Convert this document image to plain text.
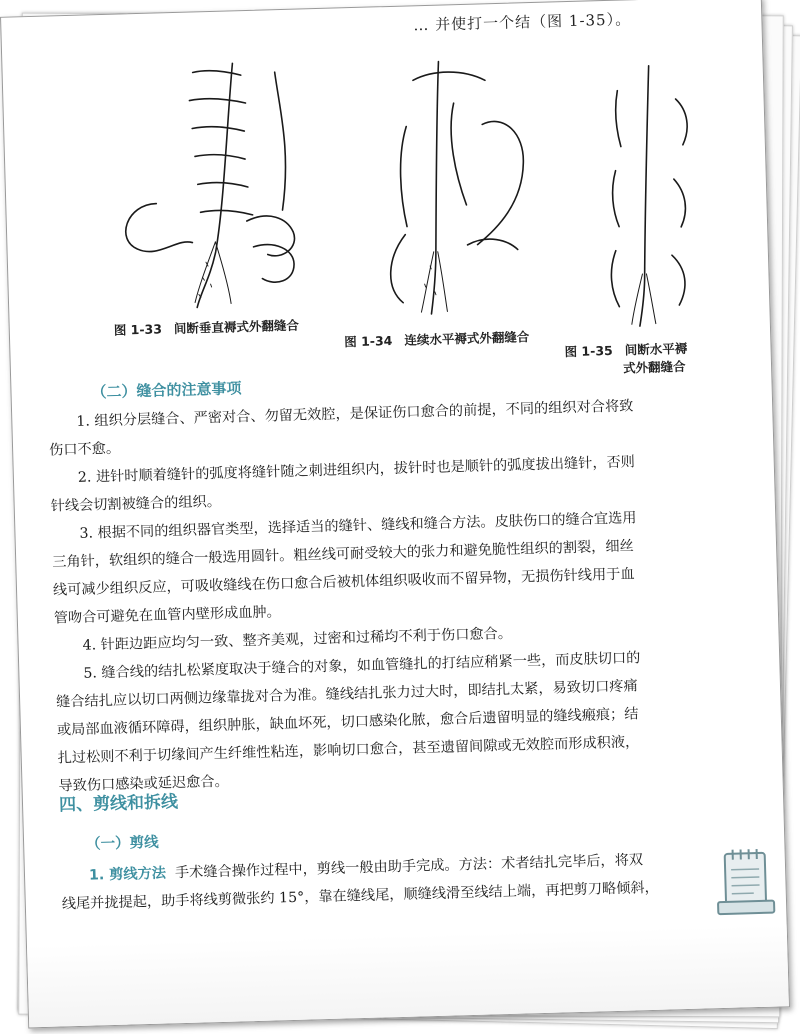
… 并使打一个结（图 1-35）。
图 1-33 间断垂直褥式外翻缝合
图 1-34 连续水平褥式外翻缝合
图 1-35 间断水平褥
式外翻缝合
（二）缝合的注意事项
1. 组织分层缝合、严密对合、勿留无效腔，是保证伤口愈合的前提，不同的组织对合将致
伤口不愈。
2. 进针时顺着缝针的弧度将缝针随之刺进组织内，拔针时也是顺针的弧度拔出缝针，否则
针线会切割被缝合的组织。
3. 根据不同的组织器官类型，选择适当的缝针、缝线和缝合方法。皮肤伤口的缝合宜选用
三角针，软组织的缝合一般选用圆针。粗丝线可耐受较大的张力和避免脆性组织的割裂，细丝
线可减少组织反应，可吸收缝线在伤口愈合后被机体组织吸收而不留异物，无损伤针线用于血
管吻合可避免在血管内壁形成血肿。
4. 针距边距应均匀一致、整齐美观，过密和过稀均不利于伤口愈合。
5. 缝合线的结扎松紧度取决于缝合的对象，如血管缝扎的打结应稍紧一些，而皮肤切口的
缝合结扎应以切口两侧边缘靠拢对合为准。缝线结扎张力过大时，即结扎太紧，易致切口疼痛
或局部血液循环障碍，组织肿胀，缺血坏死，切口感染化脓，愈合后遗留明显的缝线瘢痕；结
扎过松则不利于切缘间产生纤维性粘连，影响切口愈合，甚至遗留间隙或无效腔而形成积液，
导致伤口感染或延迟愈合。
四、剪线和拆线
（一）剪线
1. 剪线方法 手术缝合操作过程中，剪线一般由助手完成。方法：术者结扎完毕后，将双
线尾并拢提起，助手将线剪微张约 15°，靠在缝线尾，顺缝线滑至线结上端，再把剪刀略倾斜，
